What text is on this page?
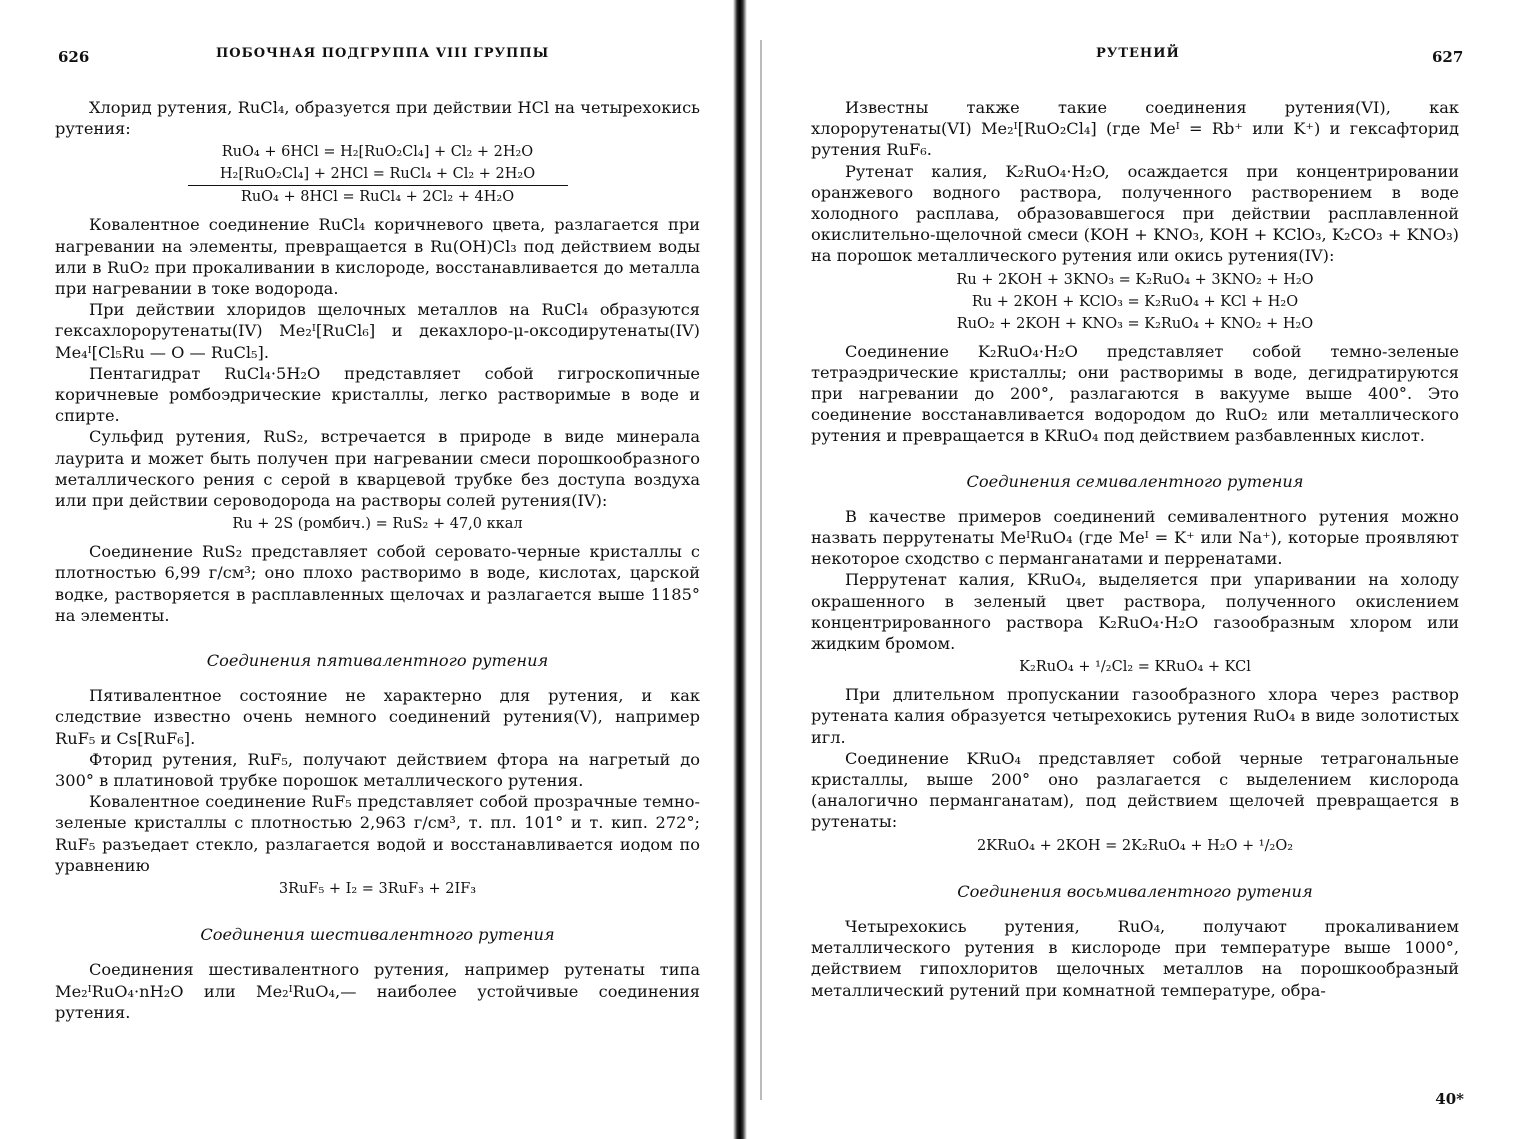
626	ПОБОЧНАЯ ПОДГРУППА VIII ГРУППЫ

Хлорид рутения, RuCl₄, образуется при действии HCl на четырехокись рутения:

RuO₄ + 6HCl = H₂[RuO₂Cl₄] + Cl₂ + 2H₂O
H₂[RuO₂Cl₄] + 2HCl = RuCl₄ + Cl₂ + 2H₂O
RuO₄ + 8HCl = RuCl₄ + 2Cl₂ + 4H₂O

Ковалентное соединение RuCl₄ коричневого цвета, разлагается при нагревании на элементы, превращается в Ru(OH)Cl₃ под действием воды или в RuO₂ при прокаливании в кислороде, восстанавливается до металла при нагревании в токе водорода.

При действии хлоридов щелочных металлов на RuCl₄ образуются гексахлорорутенаты(IV) Me₂ᴵ[RuCl₆] и декахлоро-μ-оксодирутенаты(IV) Me₄ᴵ[Cl₅Ru — O — RuCl₅].

Пентагидрат RuCl₄·5H₂O представляет собой гигроскопичные коричневые ромбоэдрические кристаллы, легко растворимые в воде и спирте.

Сульфид рутения, RuS₂, встречается в природе в виде минерала лаурита и может быть получен при нагревании смеси порошкообразного металлического рения с серой в кварцевой трубке без доступа воздуха или при действии сероводорода на растворы солей рутения(IV):

Ru + 2S (ромбич.) = RuS₂ + 47,0 ккал

Соединение RuS₂ представляет собой серовато-черные кристаллы с плотностью 6,99 г/см³; оно плохо растворимо в воде, кислотах, царской водке, растворяется в расплавленных щелочах и разлагается выше 1185° на элементы.

Соединения пятивалентного рутения

Пятивалентное состояние не характерно для рутения, и как следствие известно очень немного соединений рутения(V), например RuF₅ и Cs[RuF₆].

Фторид рутения, RuF₅, получают действием фтора на нагретый до 300° в платиновой трубке порошок металлического рутения.

Ковалентное соединение RuF₅ представляет собой прозрачные темно-зеленые кристаллы с плотностью 2,963 г/см³, т. пл. 101° и т. кип. 272°; RuF₅ разъедает стекло, разлагается водой и восстанавливается иодом по уравнению

3RuF₅ + I₂ = 3RuF₃ + 2IF₃
Соединения шестивалентного рутения

Соединения шестивалентного рутения, например рутенаты типа Me₂ᴵRuO₄·nH₂O или Me₂ᴵRuO₄,— наиболее устойчивые соединения рутения.

РУТЕНИЙ	627

Известны также такие соединения рутения(VI), как хлорорутенаты(VI) Me₂ᴵ[RuO₂Cl₄] (где Meᴵ = Rb⁺ или K⁺) и гексафторид рутения RuF₆.

Рутенат калия, K₂RuO₄·H₂O, осаждается при концентрировании оранжевого водного раствора, полученного растворением в воде холодного расплава, образовавшегося при действии расплавленной окислительно-щелочной смеси (KOH + KNO₃, KOH + KClO₃, K₂CO₃ + KNO₃) на порошок металлического рутения или окись рутения(IV):

Ru + 2KOH + 3KNO₃ = K₂RuO₄ + 3KNO₂ + H₂O
Ru + 2KOH + KClO₃ = K₂RuO₄ + KCl + H₂O
RuO₂ + 2KOH + KNO₃ = K₂RuO₄ + KNO₂ + H₂O

Соединение K₂RuO₄·H₂O представляет собой темно-зеленые тетраэдрические кристаллы; они растворимы в воде, дегидратируются при нагревании до 200°, разлагаются в вакууме выше 400°. Это соединение восстанавливается водородом до RuO₂ или металлического рутения и превращается в KRuO₄ под действием разбавленных кислот.

Соединения семивалентного рутения

В качестве примеров соединений семивалентного рутения можно назвать перрутенаты MeᴵRuO₄ (где Meᴵ = K⁺ или Na⁺), которые проявляют некоторое сходство с перманганатами и перренатами.

Перрутенат калия, KRuO₄, выделяется при упаривании на холоду окрашенного в зеленый цвет раствора, полученного окислением концентрированного раствора K₂RuO₄·H₂O газообразным хлором или жидким бромом.

K₂RuO₄ + ¹/₂Cl₂ = KRuO₄ + KCl

При длительном пропускании газообразного хлора через раствор рутената калия образуется четырехокись рутения RuO₄ в виде золотистых игл.

Соединение KRuO₄ представляет собой черные тетрагональные кристаллы, выше 200° оно разлагается с выделением кислорода (аналогично перманганатам), под действием щелочей превращается в рутенаты:

2KRuO₄ + 2KOH = 2K₂RuO₄ + H₂O + ¹/₂O₂
Соединения восьмивалентного рутения

Четырехокись рутения, RuO₄, получают прокаливанием металлического рутения в кислороде при температуре выше 1000°, действием гипохлоритов щелочных металлов на порошкообразный металлический рутений при комнатной температуре, обра-

40*
